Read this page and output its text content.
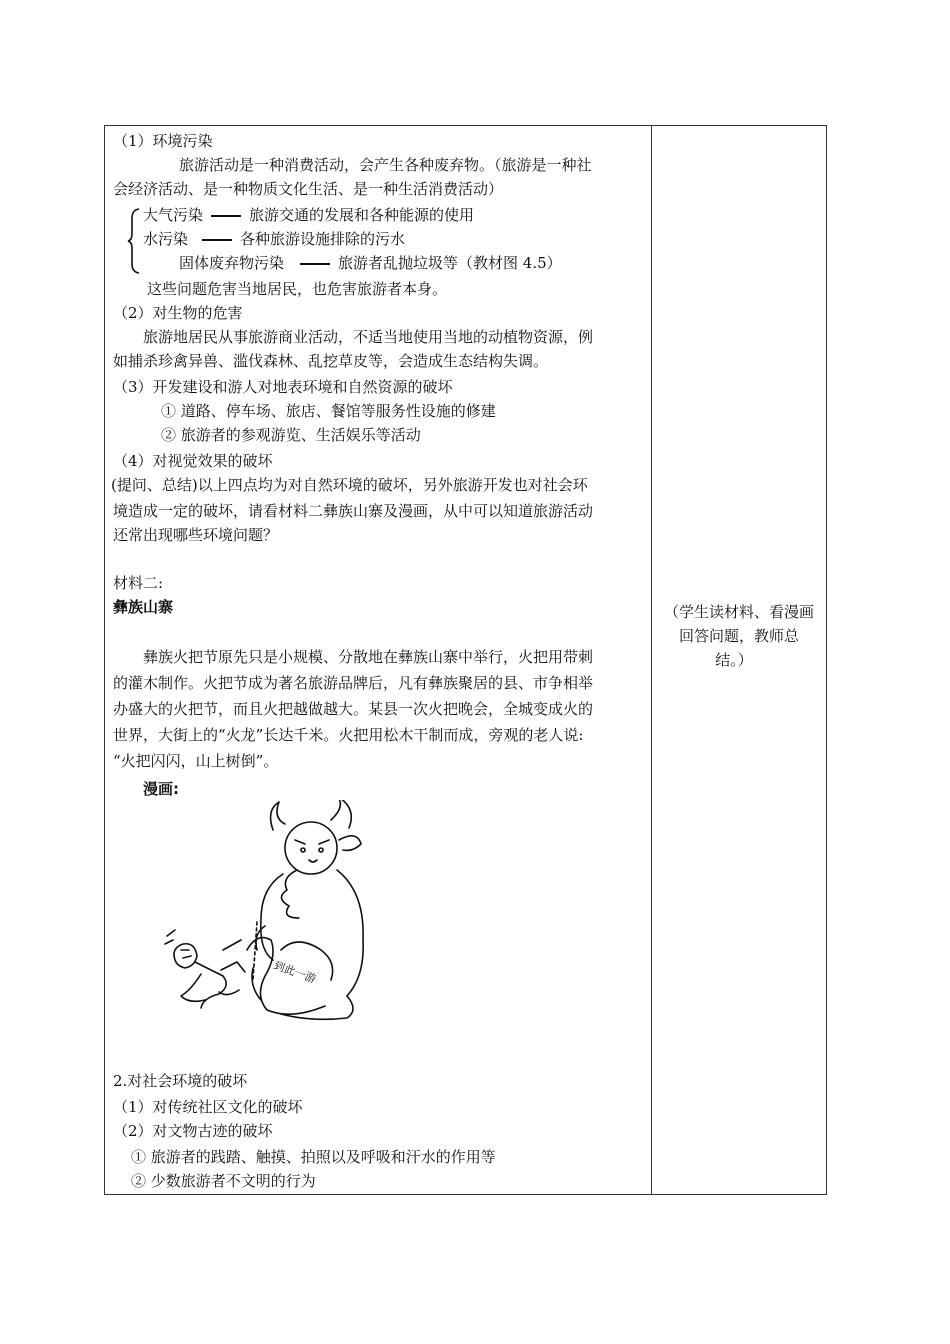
（1）环境污染
旅游活动是一种消费活动，会产生各种废弃物。（旅游是一种社
会经济活动、是一种物质文化生活、是一种生活消费活动）
大气污染	旅游交通的发展和各种能源的使用
水污染	各种旅游设施排除的污水
固体废弃物污染	旅游者乱抛垃圾等（教材图 4.5）
这些问题危害当地居民，也危害旅游者本身。
（2）对生物的危害
旅游地居民从事旅游商业活动，不适当地使用当地的动植物资源，例
如捕杀珍禽异兽、滥伐森林、乱挖草皮等，会造成生态结构失调。
（3）开发建设和游人对地表环境和自然资源的破坏
① 道路、停车场、旅店、餐馆等服务性设施的修建
② 旅游者的参观游览、生活娱乐等活动
（4）对视觉效果的破坏
(提问、总结)以上四点均为对自然环境的破坏，另外旅游开发也对社会环
境造成一定的破坏，请看材料二彝族山寨及漫画，从中可以知道旅游活动
还常出现哪些环境问题？
材料二:
彝族山寨
彝族火把节原先只是小规模、分散地在彝族山寨中举行，火把用带刺
的灌木制作。火把节成为著名旅游品牌后，凡有彝族聚居的县、市争相举
办盛大的火把节，而且火把越做越大。某县一次火把晚会，全城变成火的
世界，大街上的“火龙”长达千米。火把用松木干制而成，旁观的老人说:
“火把闪闪，山上树倒”。
漫画:
2.对社会环境的破坏
（1）对传统社区文化的破坏
（2）对文物古迹的破坏
① 旅游者的践踏、触摸、拍照以及呼吸和汗水的作用等
② 少数旅游者不文明的行为
到此一游
（学生读材料、看漫画
回答问题，教师总
结。）
